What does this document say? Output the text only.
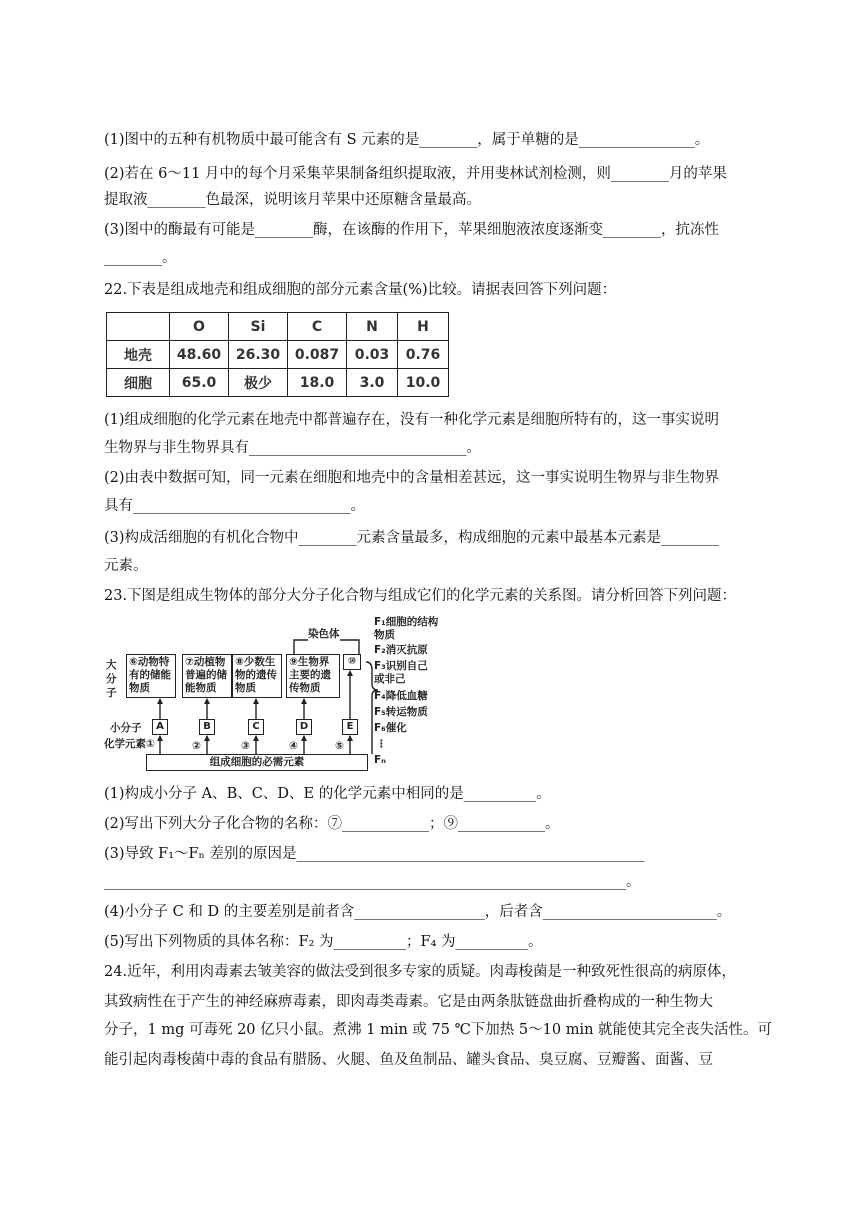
(1)图中的五种有机物质中最可能含有 S 元素的是________，属于单糖的是________________。
(2)若在 6～11 月中的每个月采集苹果制备组织提取液，并用斐林试剂检测，则________月的苹果
提取液________色最深，说明该月苹果中还原糖含量最高。
(3)图中的酶最有可能是________酶，在该酶的作用下，苹果细胞液浓度逐渐变________，抗冻性
________。
22.下表是组成地壳和组成细胞的部分元素含量(%)比较。请据表回答下列问题：
	O	Si	C	N	H
地壳	48.60	26.30	0.087	0.03	0.76
细胞	65.0	极少	18.0	3.0	10.0
(1)组成细胞的化学元素在地壳中都普遍存在，没有一种化学元素是细胞所特有的，这一事实说明
生物界与非生物界具有______________________________。
(2)由表中数据可知，同一元素在细胞和地壳中的含量相差甚远，这一事实说明生物界与非生物界
具有______________________________。
(3)构成活细胞的有机化合物中________元素含量最多，构成细胞的元素中最基本元素是________
元素。
23.下图是组成生物体的部分大分子化合物与组成它们的化学元素的关系图。请分析回答下列问题：
大分子
小分子
化学元素①
染色体
⑥动物特有的储能物质
⑦动植物普遍的储能物质
⑧少数生物的遗传物质
⑨生物界主要的遗传物质
⑩
A	B	C	D	E
②	③	④	⑤
组成细胞的必需元素
F₁细胞的结构物质
F₂消灭抗原
F₃识别自己或非己
F₄降低血糖
F₅转运物质
F₆催化
⋮
Fₙ
(1)构成小分子 A、B、C、D、E 的化学元素中相同的是__________。
(2)写出下列大分子化合物的名称：⑦____________；⑨____________。
(3)导致 F₁～Fₙ 差别的原因是________________________________________________
________________________________________________________________________。
(4)小分子 C 和 D 的主要差别是前者含__________________，后者含________________________。
(5)写出下列物质的具体名称：F₂ 为__________；F₄ 为__________。
24.近年，利用肉毒素去皱美容的做法受到很多专家的质疑。肉毒梭菌是一种致死性很高的病原体，
其致病性在于产生的神经麻痹毒素，即肉毒类毒素。它是由两条肽链盘曲折叠构成的一种生物大
分子，1 mg 可毒死 20 亿只小鼠。煮沸 1 min 或 75 ℃下加热 5～10 min 就能使其完全丧失活性。可
能引起肉毒梭菌中毒的食品有腊肠、火腿、鱼及鱼制品、罐头食品、臭豆腐、豆瓣酱、面酱、豆
